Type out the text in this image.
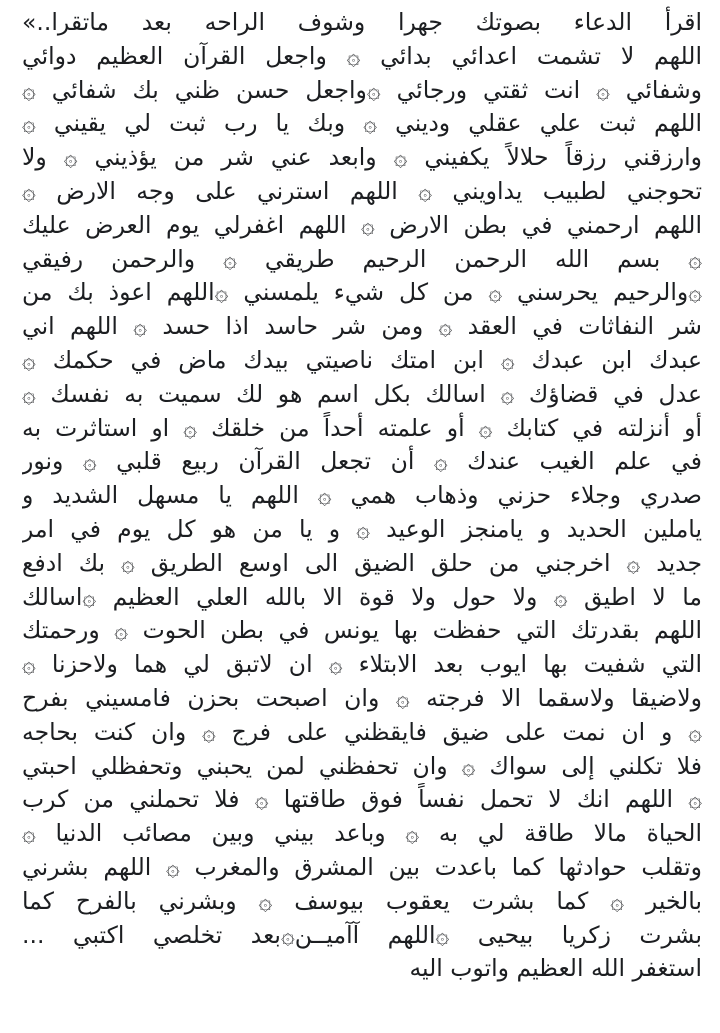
اقرأ الدعاء بصوتك جهرا وشوف الراحه بعد ماتقرا..»
اللهم لا تشمت اعدائي بدائي ۞ واجعل القرآن العظيم دوائي
وشفائي ۞ انت ثقتي ورجائي ۞واجعل حسن ظني بك شفائي ۞
اللهم ثبت علي عقلي وديني ۞ وبك يا رب ثبت لي يقيني ۞
وارزقني رزقاً حلالاً يكفيني ۞ وابعد عني شر من يؤذيني ۞ ولا
تحوجني لطبيب يداويني ۞ اللهم استرني على وجه الارض ۞
اللهم ارحمني في بطن الارض ۞ اللهم اغفرلي يوم العرض عليك
۞ بسم الله الرحمن الرحيم طريقي ۞ والرحمن رفيقي
۞والرحيم يحرسني ۞ من كل شيء يلمسني ۞اللهم اعوذ بك من
شر النفاثات في العقد ۞ ومن شر حاسد اذا حسد ۞ اللهم اني
عبدك ابن عبدك ۞ ابن امتك ناصيتي بيدك ماض في حكمك ۞
عدل في قضاؤك ۞ اسالك بكل اسم هو لك سميت به نفسك ۞
أو أنزلته في كتابك ۞ أو علمته أحداً من خلقك ۞ او استاثرت به
في علم الغيب عندك ۞ أن تجعل القرآن ربيع قلبي ۞ ونور
صدري وجلاء حزني وذهاب همي ۞ اللهم يا مسهل الشديد و
ياملين الحديد و يامنجز الوعيد ۞ و يا من هو كل يوم في امر
جديد ۞ اخرجني من حلق الضيق الى اوسع الطريق ۞ بك ادفع
ما لا اطيق ۞ ولا حول ولا قوة الا بالله العلي العظيم ۞اسالك
اللهم بقدرتك التي حفظت بها يونس في بطن الحوت ۞ ورحمتك
التي شفيت بها ايوب بعد الابتلاء ۞ ان لاتبق لي هما ولاحزنا ۞
ولاضيقا ولاسقما الا فرجته ۞ وان اصبحت بحزن فامسيني بفرح
۞ و ان نمت على ضيق فايقظني على فرج ۞ وان كنت بحاجه
فلا تكلني إلى سواك ۞ وان تحفظني لمن يحبني وتحفظلي احبتي
۞ اللهم انك لا تحمل نفساً فوق طاقتها ۞ فلا تحملني من كرب
الحياة مالا طاقة لي به ۞ وباعد بيني وبين مصائب الدنيا ۞
وتقلب حوادثها كما باعدت بين المشرق والمغرب ۞ اللهم بشرني
بالخير ۞ كما بشرت يعقوب بيوسف ۞ وبشرني بالفرح كما
بشرت زكريا بيحيى ۞اللهم آآميــن۞بعد تخلصي اكتبي ...
استغفر الله العظيم واتوب اليه
